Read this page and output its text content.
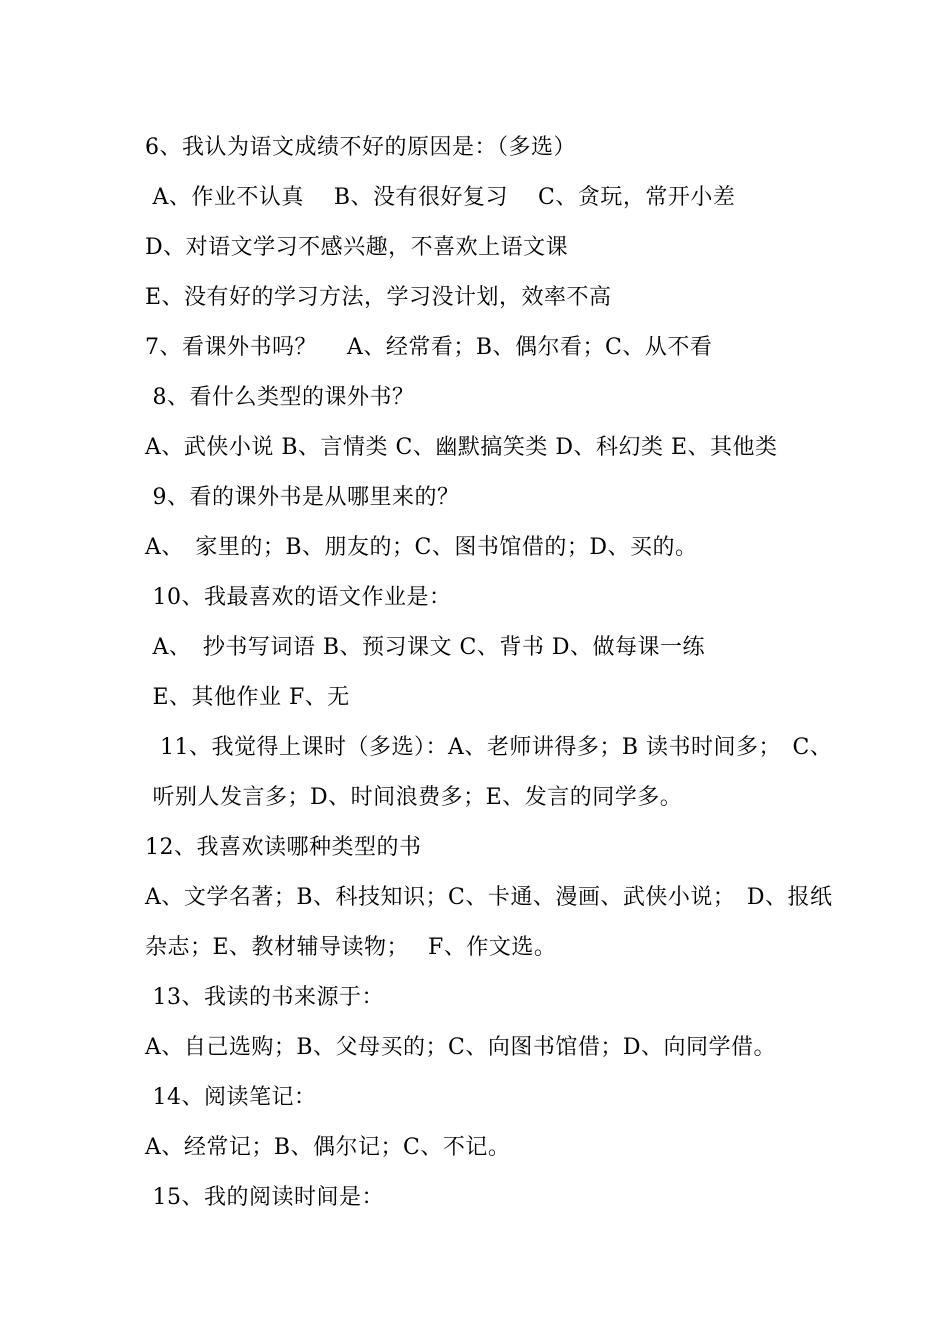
6、我认为语文成绩不好的原因是：（多选）
A、作业不认真　 B、没有很好复习　 C、贪玩，常开小差
D、对语文学习不感兴趣，不喜欢上语文课
E、没有好的学习方法，学习没计划，效率不高
7、看课外书吗？　 A、经常看；B、偶尔看；C、从不看
8、看什么类型的课外书？
A、武侠小说 B、言情类 C、幽默搞笑类 D、科幻类 E、其他类
9、看的课外书是从哪里来的？
A、　家里的；B、朋友的；C、图书馆借的；D、买的。
10、我最喜欢的语文作业是：
A、　抄书写词语 B、预习课文 C、背书 D、做每课一练
E、其他作业 F、无
11、我觉得上课时（多选）：A、老师讲得多；B 读书时间多；　C、
听别人发言多；D、时间浪费多；E、发言的同学多。
12、我喜欢读哪种类型的书
A、文学名著；B、科技知识；C、卡通、漫画、武侠小说；　D、报纸
杂志；E、教材辅导读物；　 F、作文选。
13、我读的书来源于：
A、自己选购；B、父母买的；C、向图书馆借；D、向同学借。
14、阅读笔记：
A、经常记；B、偶尔记；C、不记。
15、我的阅读时间是：
